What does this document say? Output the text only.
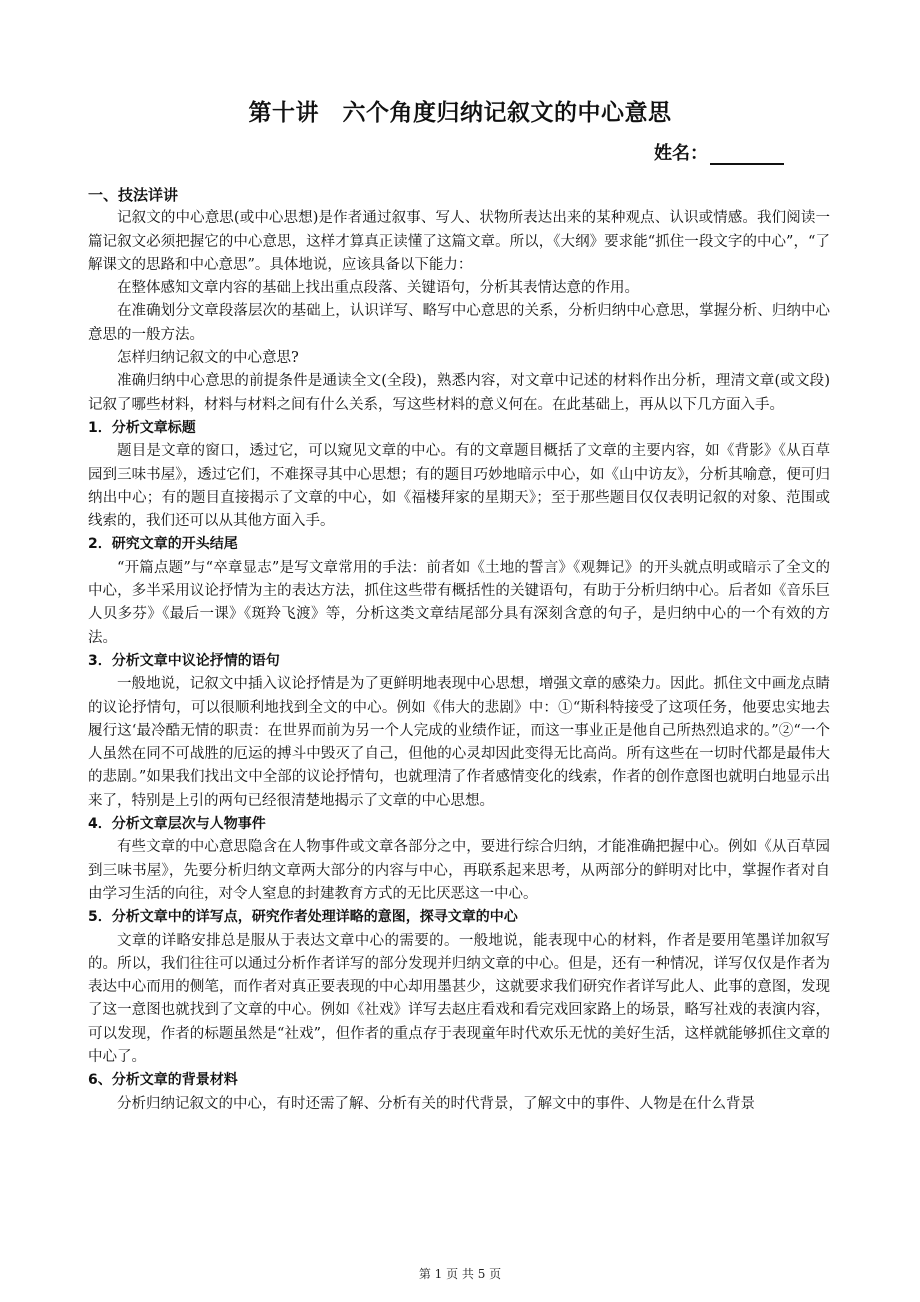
第十讲　六个角度归纳记叙文的中心意思
姓名：

一、技法详讲

记叙文的中心意思(或中心思想)是作者通过叙事、写人、状物所表达出来的某种观点、认识或情感。我们阅读一篇记叙文必须把握它的中心意思，这样才算真正读懂了这篇文章。所以，《大纲》要求能“抓住一段文字的中心”，“了解课文的思路和中心意思”。具体地说，应该具备以下能力：

在整体感知文章内容的基础上找出重点段落、关键语句，分析其表情达意的作用。

在准确划分文章段落层次的基础上，认识详写、略写中心意思的关系，分析归纳中心意思，掌握分析、归纳中心意思的一般方法。

怎样归纳记叙文的中心意思?

准确归纳中心意思的前提条件是通读全文(全段)，熟悉内容，对文章中记述的材料作出分析，理清文章(或文段)记叙了哪些材料，材料与材料之间有什么关系，写这些材料的意义何在。在此基础上，再从以下几方面入手。

1．分析文章标题

题目是文章的窗口，透过它，可以窥见文章的中心。有的文章题目概括了文章的主要内容，如《背影》《从百草园到三味书屋》，透过它们，不难探寻其中心思想；有的题目巧妙地暗示中心，如《山中访友》，分析其喻意，便可归纳出中心；有的题目直接揭示了文章的中心，如《福楼拜家的星期天》；至于那些题目仅仅表明记叙的对象、范围或线索的，我们还可以从其他方面入手。

2．研究文章的开头结尾

“开篇点题”与“卒章显志”是写文章常用的手法：前者如《土地的誓言》《观舞记》的开头就点明或暗示了全文的中心，多半采用议论抒情为主的表达方法，抓住这些带有概括性的关键语句，有助于分析归纳中心。后者如《音乐巨人贝多芬》《最后一课》《斑羚飞渡》等，分析这类文章结尾部分具有深刻含意的句子，是归纳中心的一个有效的方法。

3．分析文章中议论抒情的语句

一般地说，记叙文中插入议论抒情是为了更鲜明地表现中心思想，增强文章的感染力。因此。抓住文中画龙点睛的议论抒情句，可以很顺利地找到全文的中心。例如《伟大的悲剧》中：①“斯科特接受了这项任务，他要忠实地去履行这‘最冷酷无情的职责：在世界而前为另一个人完成的业绩作证，而这一事业正是他自己所热烈追求的。”②“一个人虽然在同不可战胜的厄运的搏斗中毁灭了自己，但他的心灵却因此变得无比高尚。所有这些在一切时代都是最伟大的悲剧。”如果我们找出文中全部的议论抒情句，也就理清了作者感情变化的线索，作者的创作意图也就明白地显示出来了，特别是上引的两句已经很清楚地揭示了文章的中心思想。

4．分析文章层次与人物事件

有些文章的中心意思隐含在人物事件或文章各部分之中，要进行综合归纳，才能准确把握中心。例如《从百草园到三味书屋》，先要分析归纳文章两大部分的内容与中心，再联系起来思考，从两部分的鲜明对比中，掌握作者对自由学习生活的向往，对令人窒息的封建教育方式的无比厌恶这一中心。

5．分析文章中的详写点，研究作者处理详略的意图，探寻文章的中心

文章的详略安排总是服从于表达文章中心的需要的。一般地说，能表现中心的材料，作者是要用笔墨详加叙写的。所以，我们往往可以通过分析作者详写的部分发现并归纳文章的中心。但是，还有一种情况，详写仅仅是作者为表达中心而用的侧笔，而作者对真正要表现的中心却用墨甚少，这就要求我们研究作者详写此人、此事的意图，发现了这一意图也就找到了文章的中心。例如《社戏》详写去赵庄看戏和看完戏回家路上的场景，略写社戏的表演内容，可以发现，作者的标题虽然是“社戏”，但作者的重点存于表现童年时代欢乐无忧的美好生活，这样就能够抓住文章的中心了。

6、分析文章的背景材料

分析归纳记叙文的中心，有时还需了解、分析有关的时代背景，了解文中的事件、人物是在什么背景

第 1 页 共 5 页
